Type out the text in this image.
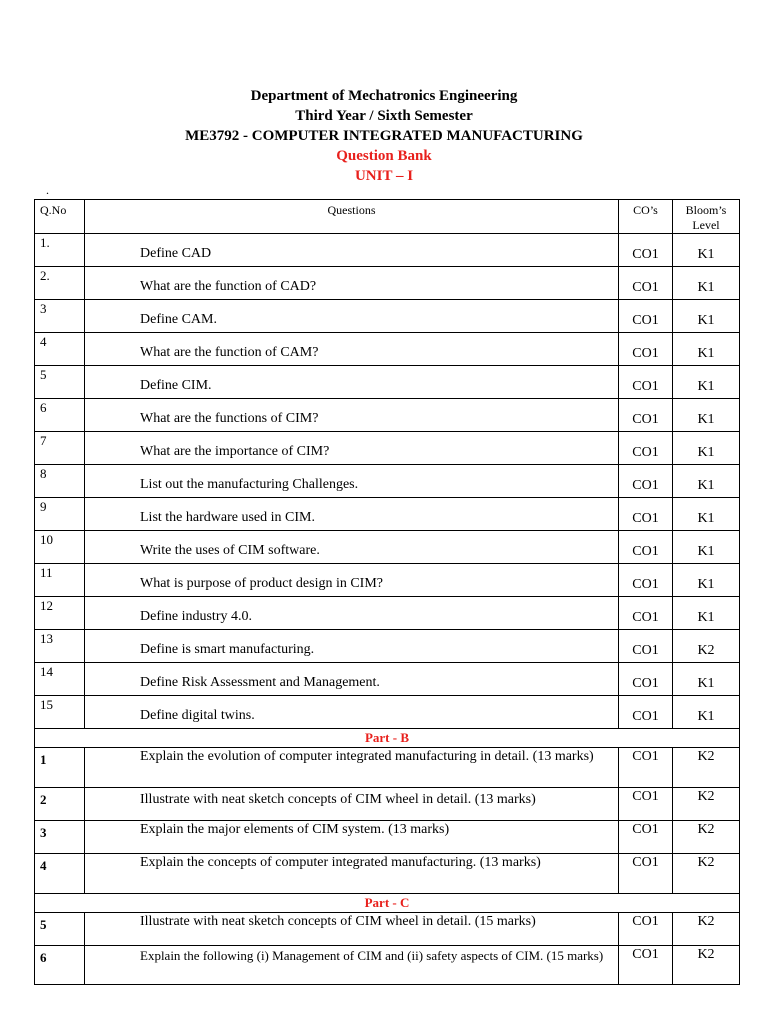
Department of Mechatronics Engineering
Third Year / Sixth Semester
ME3792 - COMPUTER INTEGRATED MANUFACTURING
Question Bank
UNIT – I
.
Q.No	Questions	CO’s	Bloom’s Level
1.	Define CAD	CO1	K1
2.	What are the function of CAD?	CO1	K1
3	Define CAM.	CO1	K1
4	What are the function of CAM?	CO1	K1
5	Define CIM.	CO1	K1
6	What are the functions of CIM?	CO1	K1
7	What are the importance of CIM?	CO1	K1
8	List out the manufacturing Challenges.	CO1	K1
9	List the hardware used in CIM.	CO1	K1
10	Write the uses of CIM software.	CO1	K1
11	What is purpose of product design in CIM?	CO1	K1
12	Define industry 4.0.	CO1	K1
13	Define is smart manufacturing.	CO1	K2
14	Define Risk Assessment and Management.	CO1	K1
15	Define digital twins.	CO1	K1
Part - B			
1	Explain the evolution of computer integrated manufacturing in detail. (13 marks)	CO1	K2
2	Illustrate with neat sketch concepts of CIM wheel in detail. (13 marks)	CO1	K2
3	Explain the major elements of CIM system. (13 marks)	CO1	K2
4	Explain the concepts of computer integrated manufacturing. (13 marks)	CO1	K2
Part - C			
5	Illustrate with neat sketch concepts of CIM wheel in detail. (15 marks)	CO1	K2
6	Explain the following (i) Management of CIM and (ii) safety aspects of CIM. (15 marks)	CO1	K2
